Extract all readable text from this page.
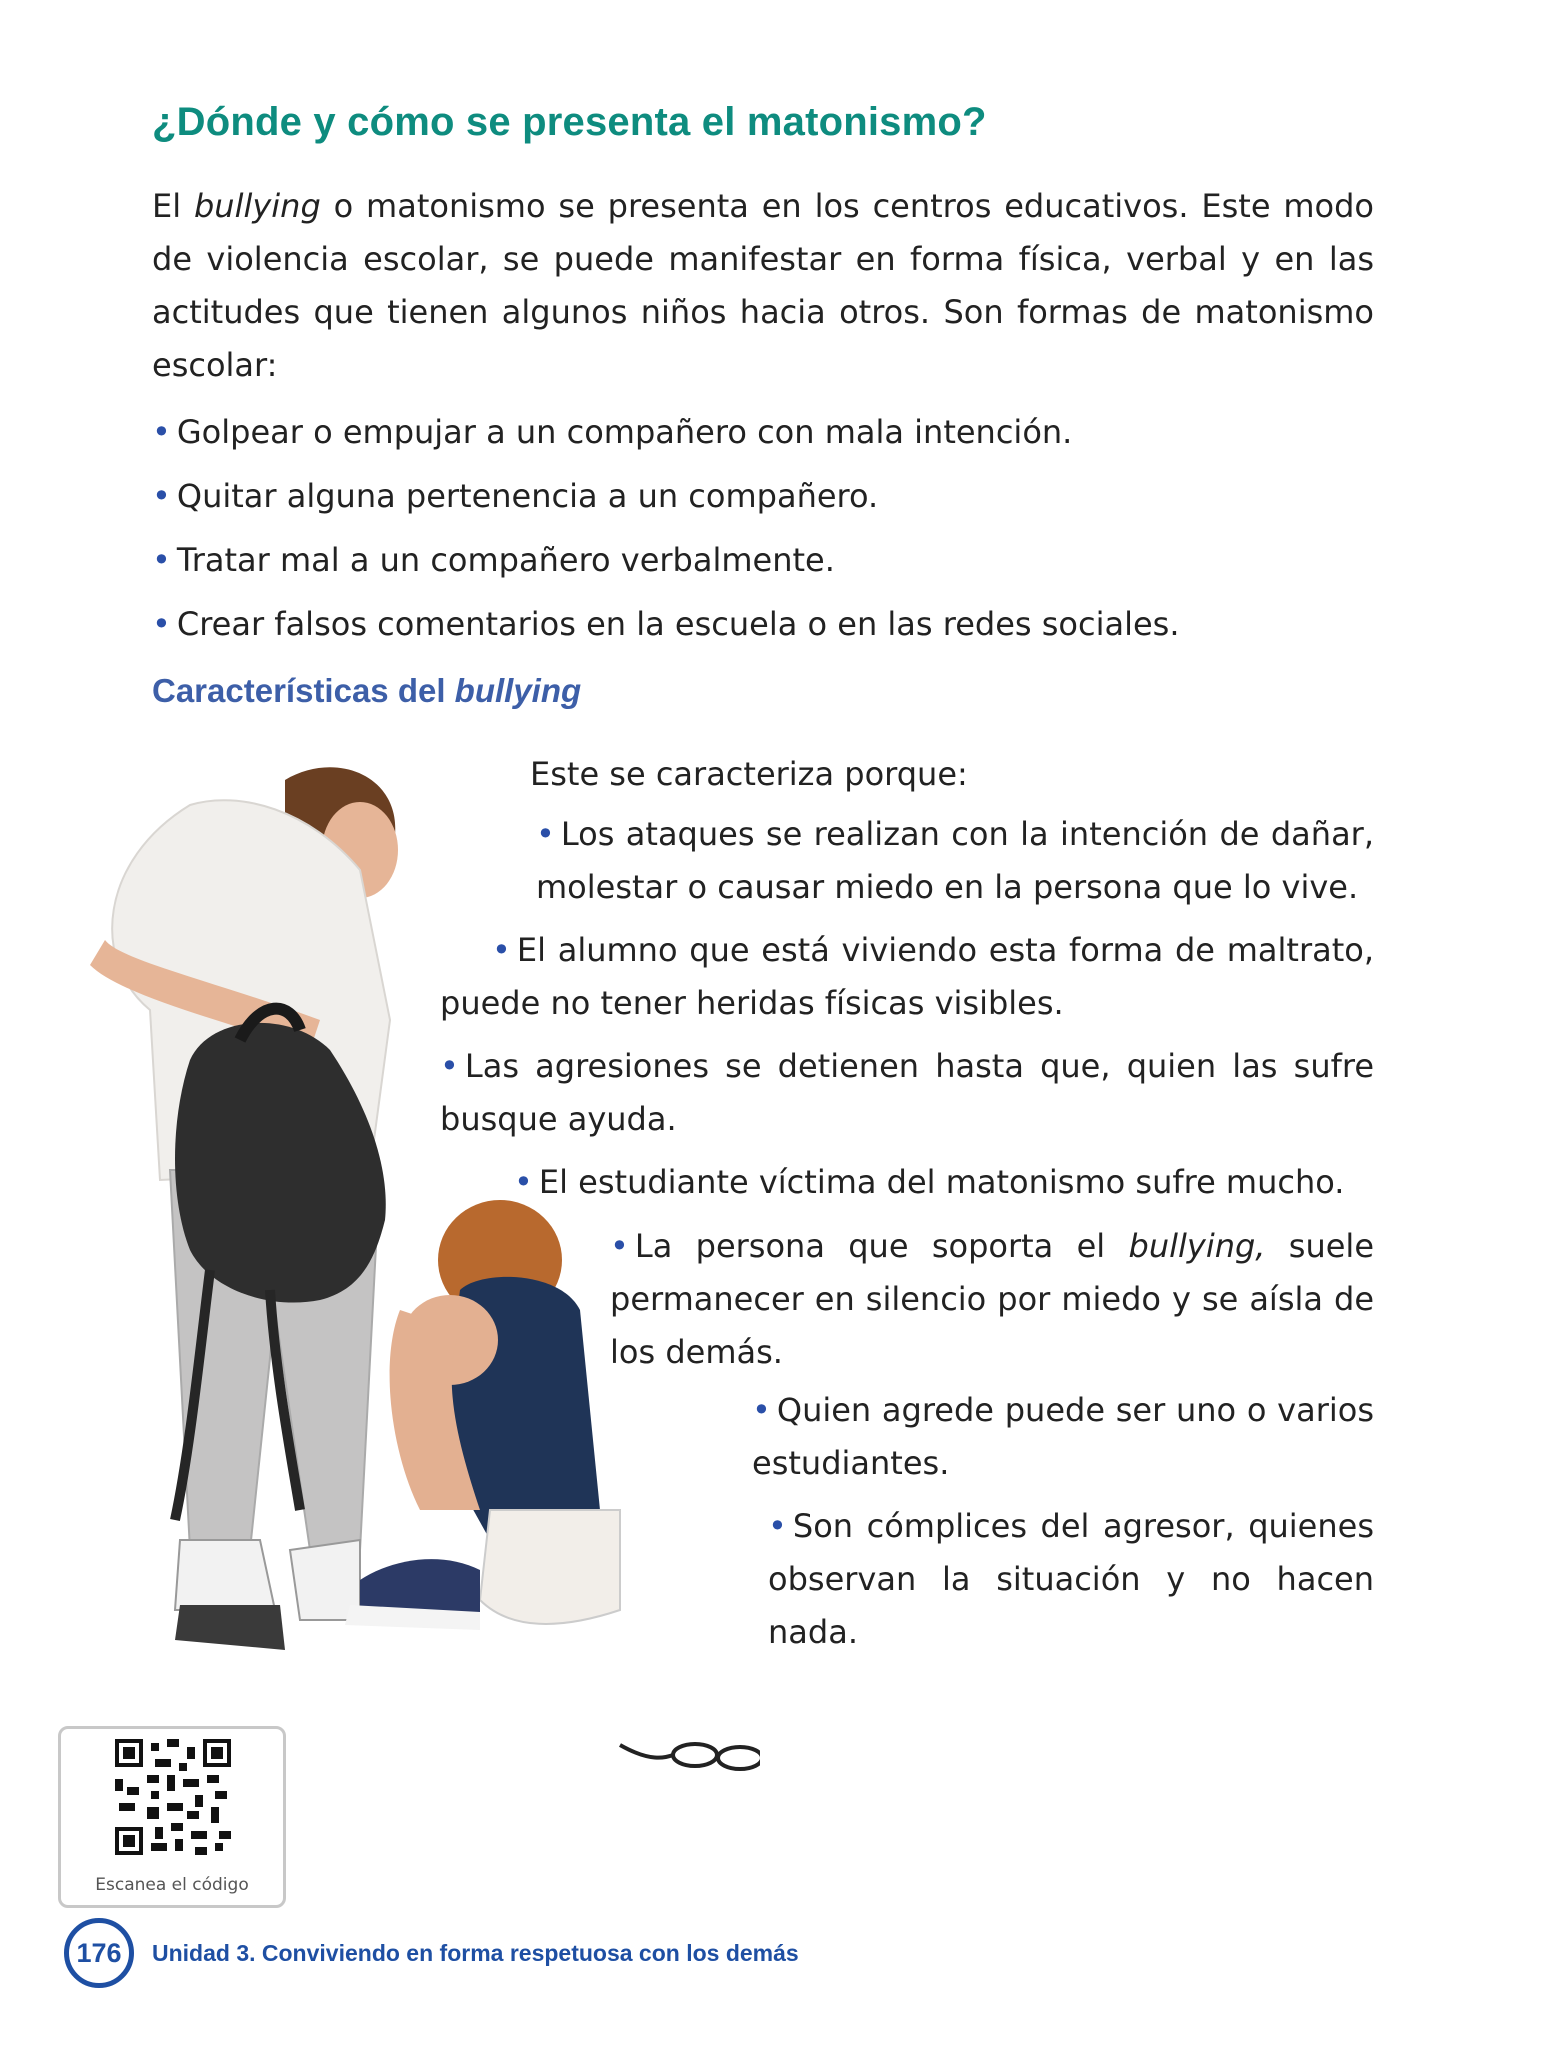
¿Dónde y cómo se presenta el matonismo?

El bullying o matonismo se presenta en los centros educativos. Este modo de violencia escolar, se puede manifestar en forma física, verbal y en las actitudes que tienen algunos niños hacia otros. Son formas de matonismo escolar:

• Golpear o empujar a un compañero con mala intención.
• Quitar alguna pertenencia a un compañero.
• Tratar mal a un compañero verbalmente.
• Crear falsos comentarios en la escuela o en las redes sociales.
Características del bullying
Este se caracteriza porque:

• Los ataques se realizan con la intención de dañar, molestar o causar miedo en la persona que lo vive.

• El alumno que está viviendo esta forma de maltrato, puede no tener heridas físicas visibles.

• Las agresiones se detienen hasta que, quien las sufre busque ayuda.

• El estudiante víctima del matonismo sufre mucho.

• La persona que soporta el bullying, suele permanecer en silencio por miedo y se aísla de los demás.

• Quien agrede puede ser uno o varios estudiantes.

• Son cómplices del agresor, quienes observan la situación y no hacen nada.

Escanea el código
176	Unidad 3. Conviviendo en forma respetuosa con los demás
